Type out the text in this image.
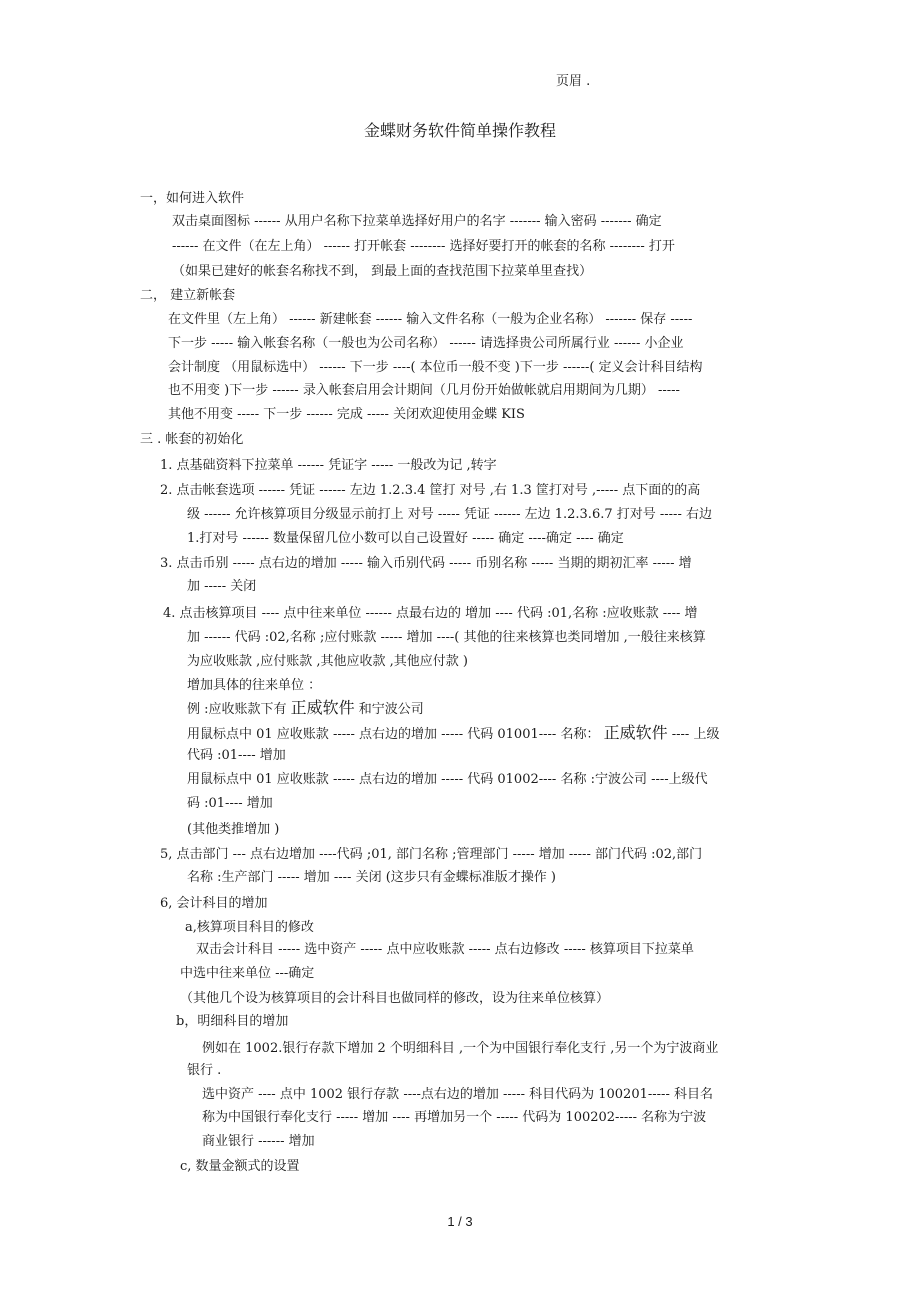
页眉 .
金蝶财务软件简单操作教程
一，如何进入软件
双击桌面图标 ------ 从用户名称下拉菜单选择好用户的名字 ------- 输入密码 ------- 确定
------ 在文件（在左上角） ------ 打开帐套 -------- 选择好要打开的帐套的名称 -------- 打开
（如果已建好的帐套名称找不到， 到最上面的查找范围下拉菜单里查找）
二， 建立新帐套
在文件里（左上角） ------ 新建帐套 ------ 输入文件名称（一般为企业名称） ------- 保存 -----
下一步 ----- 输入帐套名称（一般也为公司名称） ------ 请选择贵公司所属行业 ------ 小企业
会计制度 （用鼠标选中） ------ 下一步 ----( 本位币一般不变 )下一步 ------( 定义会计科目结构
也不用变 )下一步 ------ 录入帐套启用会计期间（几月份开始做帐就启用期间为几期） -----
其他不用变 ----- 下一步 ------ 完成 ----- 关闭欢迎使用金蝶 KIS
三 . 帐套的初始化
1. 点基础资料下拉菜单 ------ 凭证字 ----- 一般改为记 ,转字
2. 点击帐套选项 ------ 凭证 ------ 左边 1.2.3.4 筐打 对号 ,右 1.3 筐打对号 ,----- 点下面的的高
级 ------ 允许核算项目分级显示前打上 对号 ----- 凭证 ------ 左边 1.2.3.6.7 打对号 ----- 右边
1.打对号 ------ 数量保留几位小数可以自己设置好 ----- 确定 ----确定 ---- 确定
3. 点击币别 ----- 点右边的增加 ----- 输入币别代码 ----- 币别名称 ----- 当期的期初汇率 ----- 增
加 ----- 关闭
4. 点击核算项目 ---- 点中往来单位 ------ 点最右边的 增加 ---- 代码 :01,名称 :应收账款 ---- 增
加 ------ 代码 :02,名称 ;应付账款 ----- 增加 ----( 其他的往来核算也类同增加 ,一般往来核算
为应收账款 ,应付账款 ,其他应收款 ,其他应付款 )
增加具体的往来单位 ：
例 :应收账款下有 正威软件 和宁波公司
用鼠标点中 01 应收账款 ----- 点右边的增加 ----- 代码 01001---- 名称： 正威软件 ---- 上级
代码 :01---- 增加
用鼠标点中 01 应收账款 ----- 点右边的增加 ----- 代码 01002---- 名称 :宁波公司 ----上级代
码 :01---- 增加
(其他类推增加 )
5, 点击部门 --- 点右边增加 ----代码 ;01, 部门名称 ;管理部门 ----- 增加 ----- 部门代码 :02,部门
名称 :生产部门 ----- 增加 ---- 关闭 (这步只有金蝶标准版才操作 )
6, 会计科目的增加
a,核算项目科目的修改
双击会计科目 ----- 选中资产 ----- 点中应收账款 ----- 点右边修改 ----- 核算项目下拉菜单
中选中往来单位 ---确定
（其他几个设为核算项目的会计科目也做同样的修改，设为往来单位核算）
b，明细科目的增加
例如在 1002.银行存款下增加 2 个明细科目 ,一个为中国银行奉化支行 ,另一个为宁波商业
银行 .
选中资产 ---- 点中 1002 银行存款 ----点右边的增加 ----- 科目代码为 100201----- 科目名
称为中国银行奉化支行 ----- 增加 ---- 再增加另一个 ----- 代码为 100202----- 名称为宁波
商业银行 ------ 增加
c, 数量金额式的设置
1 / 3
